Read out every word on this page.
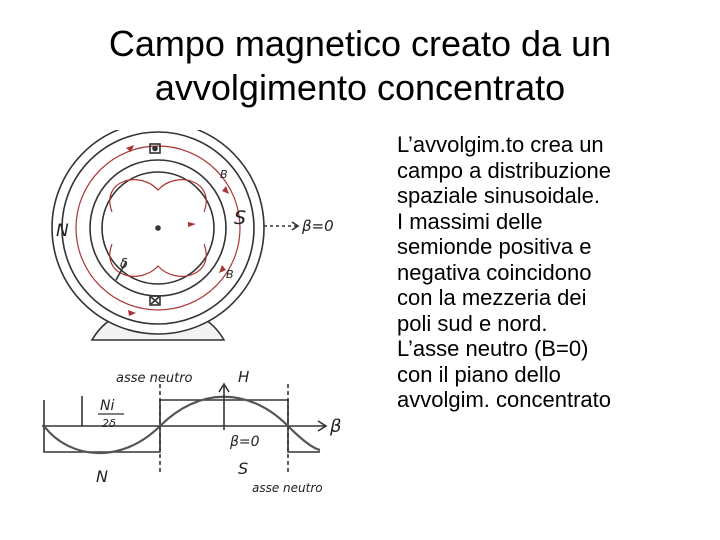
Campo magnetico creato da un
avvolgimento concentrato
N
S	β=0
B
B
δ
asse neutro	H
Ni
2δ	β
β=0
N	S
asse neutro
L’avvolgim.to crea un
campo a distribuzione
spaziale sinusoidale.
I massimi delle
semionde positiva e
negativa coincidono
con la mezzeria dei
poli sud e nord.
L’asse neutro (B=0)
con il piano dello
avvolgim. concentrato
